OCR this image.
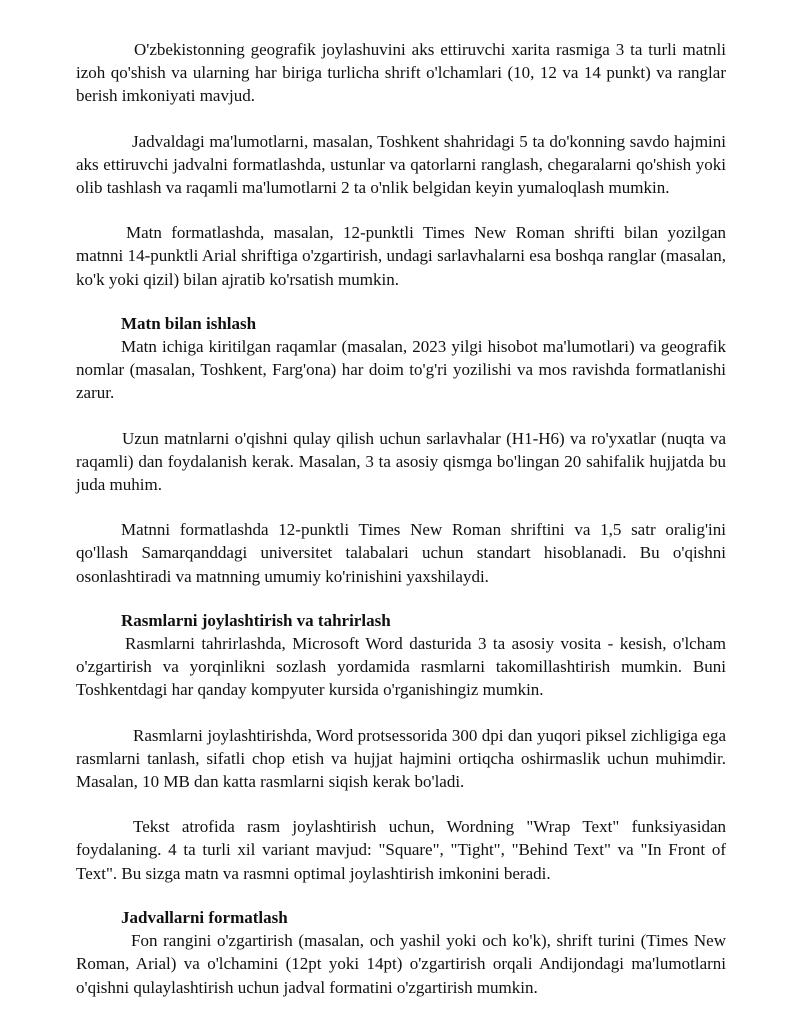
O'zbekistonning geografik joylashuvini aks ettiruvchi xarita rasmiga 3 ta turli matnli izoh qo'shish va ularning har biriga turlicha shrift o'lchamlari (10, 12 va 14 punkt) va ranglar berish imkoniyati mavjud.

Jadvaldagi ma'lumotlarni, masalan, Toshkent shahridagi 5 ta do'konning savdo hajmini aks ettiruvchi jadvalni formatlashda, ustunlar va qatorlarni ranglash, chegaralarni qo'shish yoki olib tashlash va raqamli ma'lumotlarni 2 ta o'nlik belgidan keyin yumaloqlash mumkin.

Matn formatlashda, masalan, 12-punktli Times New Roman shrifti bilan yozilgan matnni 14-punktli Arial shriftiga o'zgartirish, undagi sarlavhalarni esa boshqa ranglar (masalan, ko'k yoki qizil) bilan ajratib ko'rsatish mumkin.

Matn bilan ishlash

Matn ichiga kiritilgan raqamlar (masalan, 2023 yilgi hisobot ma'lumotlari) va geografik nomlar (masalan, Toshkent, Farg'ona) har doim to'g'ri yozilishi va mos ravishda formatlanishi zarur.

Uzun matnlarni o'qishni qulay qilish uchun sarlavhalar (H1-H6) va ro'yxatlar (nuqta va raqamli) dan foydalanish kerak. Masalan, 3 ta asosiy qismga bo'lingan 20 sahifalik hujjatda bu juda muhim.

Matnni formatlashda 12-punktli Times New Roman shriftini va 1,5 satr oralig'ini qo'llash Samarqanddagi universitet talabalari uchun standart hisoblanadi. Bu o'qishni osonlashtiradi va matnning umumiy ko'rinishini yaxshilaydi.

Rasmlarni joylashtirish va tahrirlash

Rasmlarni tahrirlashda, Microsoft Word dasturida 3 ta asosiy vosita - kesish, o'lcham o'zgartirish va yorqinlikni sozlash yordamida rasmlarni takomillashtirish mumkin. Buni Toshkentdagi har qanday kompyuter kursida o'rganishingiz mumkin.

Rasmlarni joylashtirishda, Word protsessorida 300 dpi dan yuqori piksel zichligiga ega rasmlarni tanlash, sifatli chop etish va hujjat hajmini ortiqcha oshirmaslik uchun muhimdir. Masalan, 10 MB dan katta rasmlarni siqish kerak bo'ladi.

Tekst atrofida rasm joylashtirish uchun, Wordning "Wrap Text" funksiyasidan foydalaning. 4 ta turli xil variant mavjud: "Square", "Tight", "Behind Text" va "In Front of Text". Bu sizga matn va rasmni optimal joylashtirish imkonini beradi.

Jadvallarni formatlash

Fon rangini o'zgartirish (masalan, och yashil yoki och ko'k), shrift turini (Times New Roman, Arial) va o'lchamini (12pt yoki 14pt) o'zgartirish orqali Andijondagi ma'lumotlarni o'qishni qulaylashtirish uchun jadval formatini o'zgartirish mumkin.
